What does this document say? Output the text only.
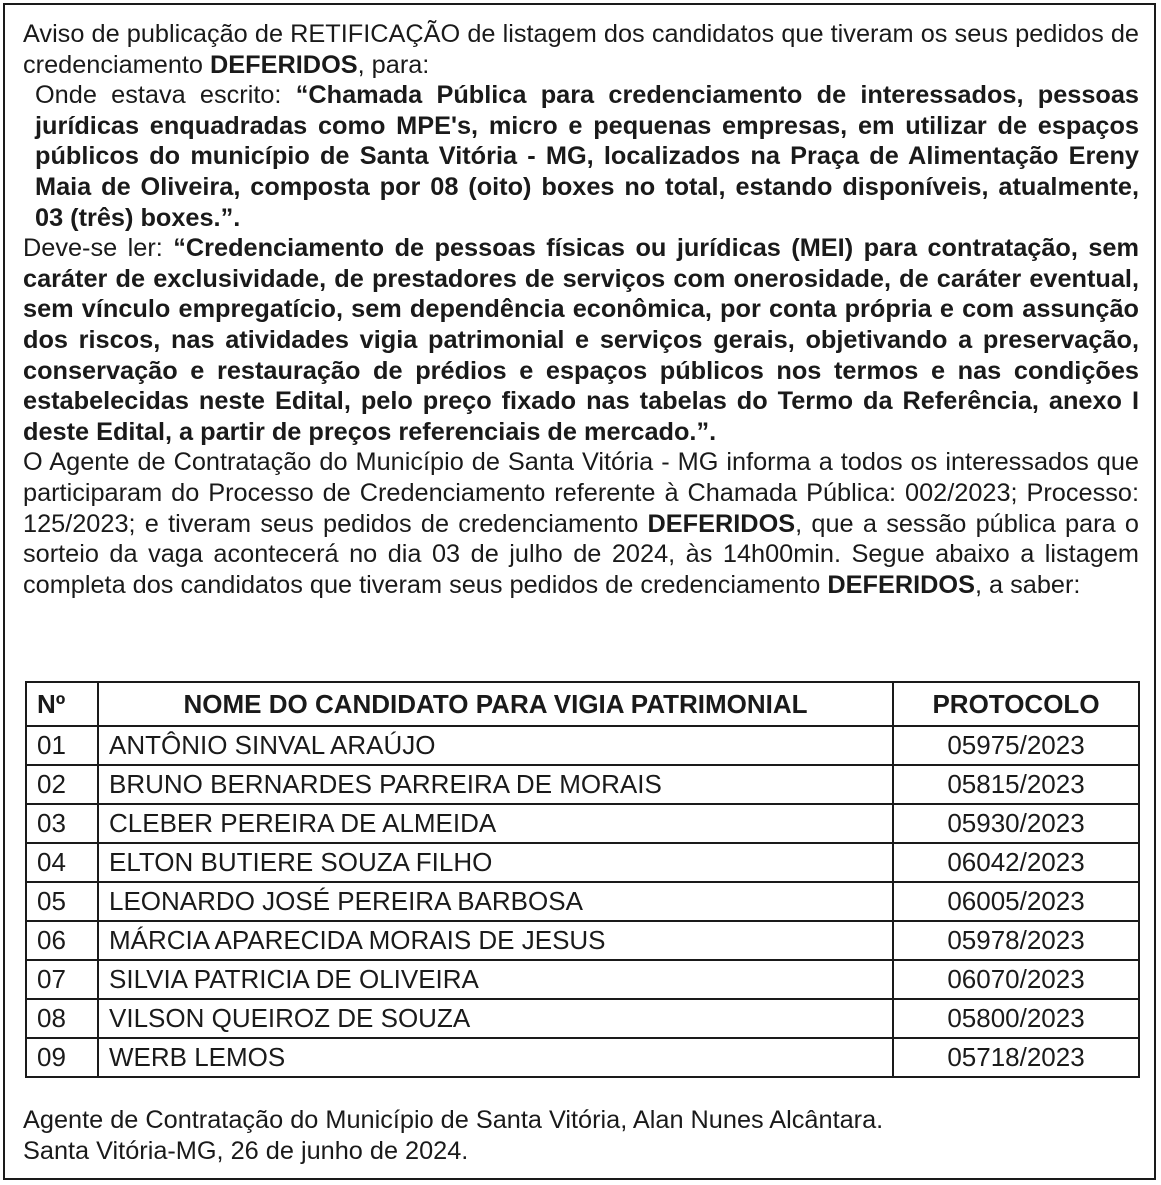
Aviso de publicação de RETIFICAÇÃO de listagem dos candidatos que tiveram os seus pedidos de credenciamento DEFERIDOS, para:

Onde estava escrito: “Chamada Pública para credenciamento de interessados, pessoas jurídicas enquadradas como MPE's, micro e pequenas empresas, em utilizar de espaços públicos do município de Santa Vitória - MG, localizados na Praça de Alimentação Ereny Maia de Oliveira, composta por 08 (oito) boxes no total, estando disponíveis, atualmente, 03 (três) boxes.”.

Deve-se ler: “Credenciamento de pessoas físicas ou jurídicas (MEI) para contratação, sem caráter de exclusividade, de prestadores de serviços com onerosidade, de caráter eventual, sem vínculo empregatício, sem dependência econômica, por conta própria e com assunção dos riscos, nas atividades vigia patrimonial e serviços gerais, objetivando a preservação, conservação e restauração de prédios e espaços públicos nos termos e nas condições estabelecidas neste Edital, pelo preço fixado nas tabelas do Termo da Referência, anexo I deste Edital, a partir de preços referenciais de mercado.”.

O Agente de Contratação do Município de Santa Vitória - MG informa a todos os interessados que participaram do Processo de Credenciamento referente à Chamada Pública: 002/2023; Processo: 125/2023; e tiveram seus pedidos de credenciamento DEFERIDOS, que a sessão pública para o sorteio da vaga acontecerá no dia 03 de julho de 2024, às 14h00min. Segue abaixo a listagem completa dos candidatos que tiveram seus pedidos de credenciamento DEFERIDOS, a saber:

Nº	NOME DO CANDIDATO PARA VIGIA PATRIMONIAL	PROTOCOLO
01	ANTÔNIO SINVAL ARAÚJO	05975/2023
02	BRUNO BERNARDES PARREIRA DE MORAIS	05815/2023
03	CLEBER PEREIRA DE ALMEIDA	05930/2023
04	ELTON BUTIERE SOUZA FILHO	06042/2023
05	LEONARDO JOSÉ PEREIRA BARBOSA	06005/2023
06	MÁRCIA APARECIDA MORAIS DE JESUS	05978/2023
07	SILVIA PATRICIA DE OLIVEIRA	06070/2023
08	VILSON QUEIROZ DE SOUZA	05800/2023
09	WERB LEMOS	05718/2023
Agente de Contratação do Município de Santa Vitória, Alan Nunes Alcântara.
Santa Vitória-MG, 26 de junho de 2024.
